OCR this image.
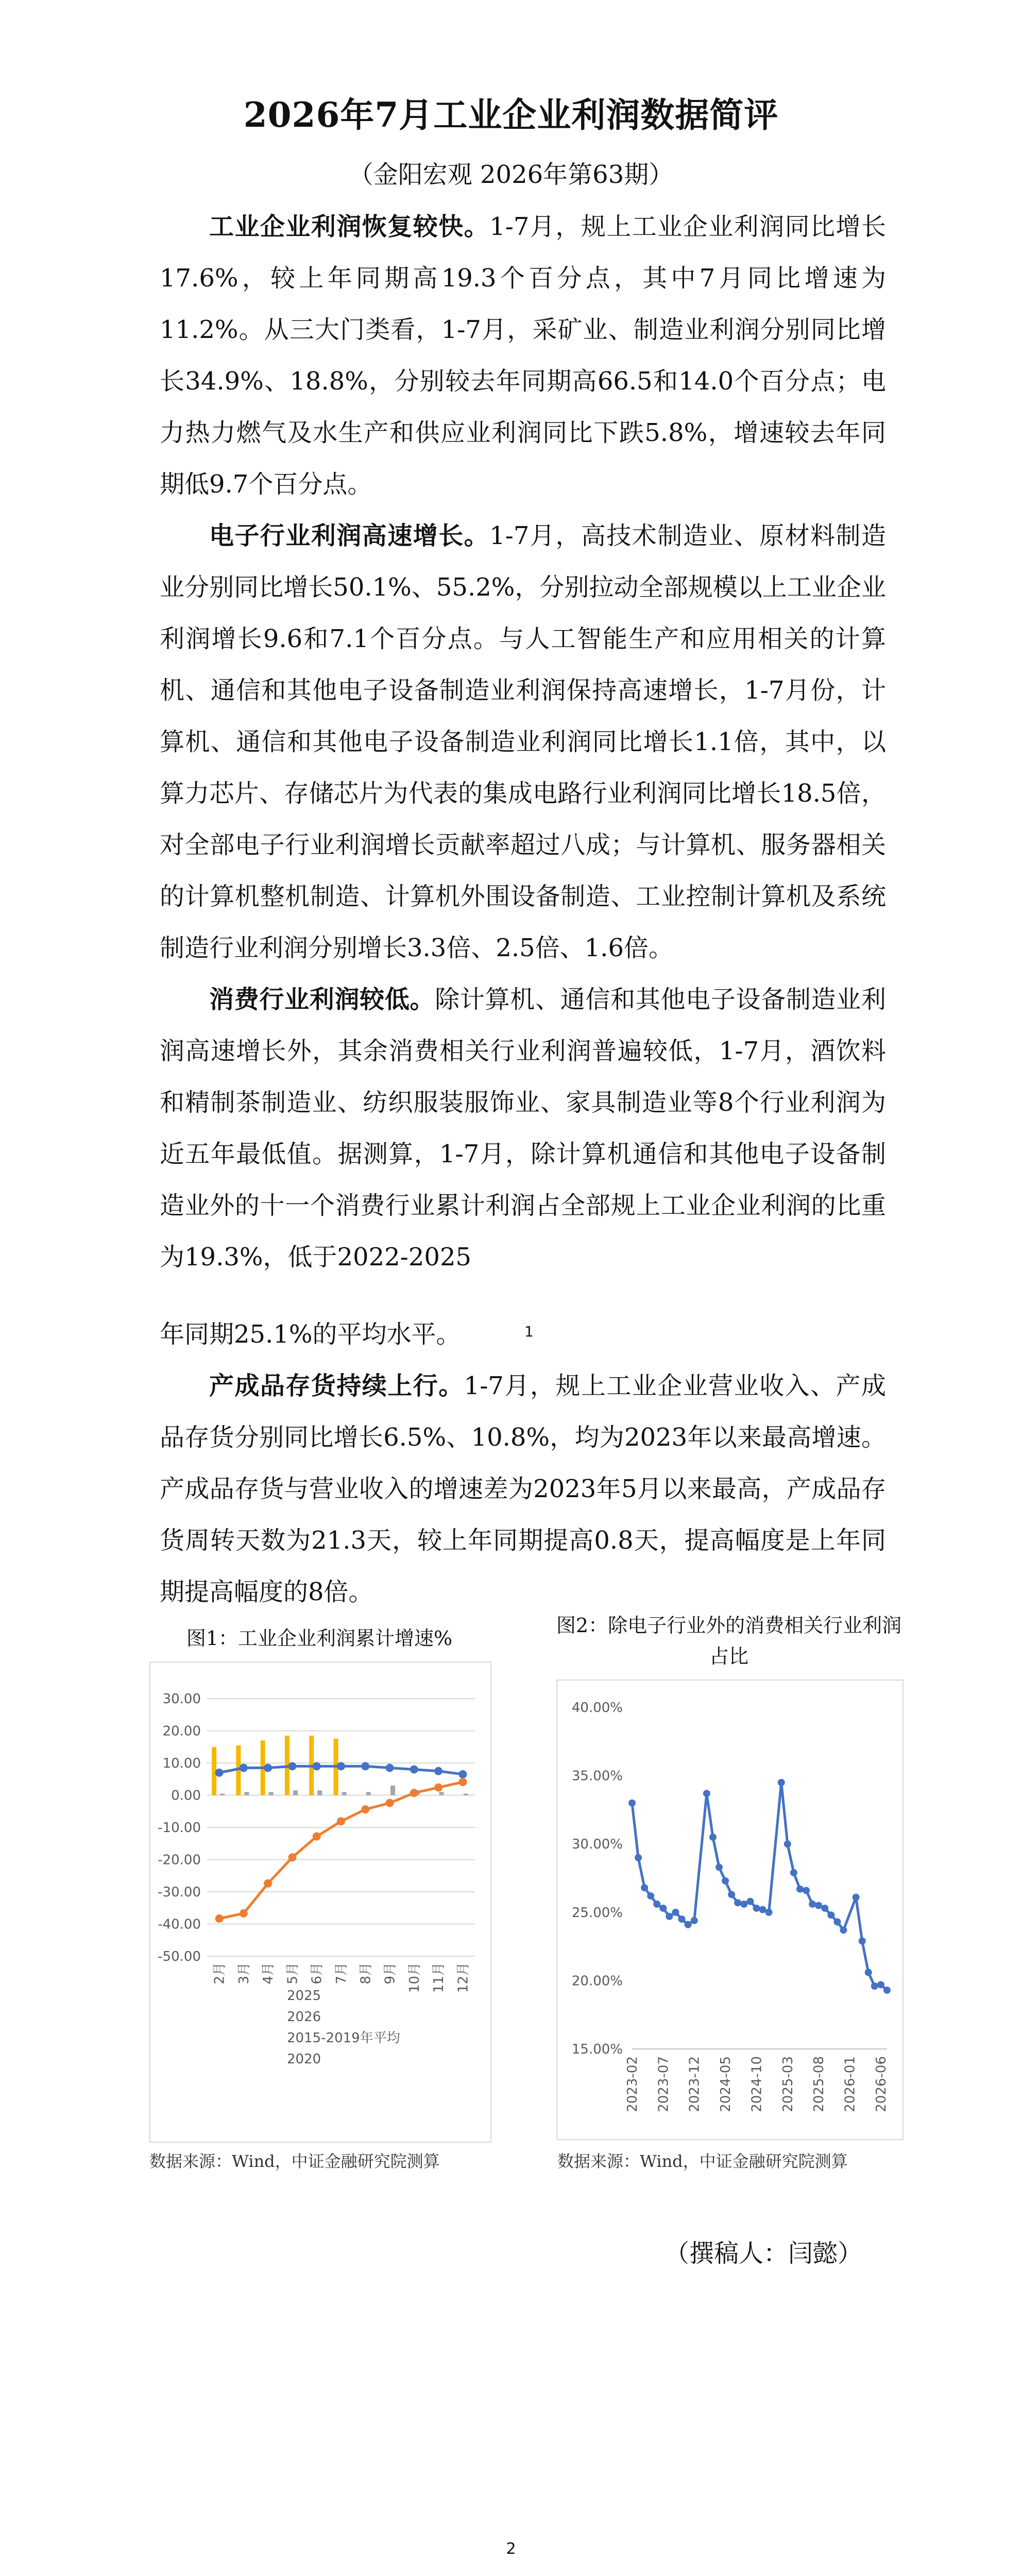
2026年7月工业企业利润数据简评
（金阳宏观 2026年第63期）

工业企业利润恢复较快。1-7月，规上工业企业利润同比增长17.6%，较上年同期高19.3个百分点，其中7月同比增速为11.2%。从三大门类看，1-7月，采矿业、制造业利润分别同比增长34.9%、18.8%，分别较去年同期高66.5和14.0个百分点；电力热力燃气及水生产和供应业利润同比下跌5.8%，增速较去年同期低9.7个百分点。

电子行业利润高速增长。1-7月，高技术制造业、原材料制造业分别同比增长50.1%、55.2%，分别拉动全部规模以上工业企业利润增长9.6和7.1个百分点。与人工智能生产和应用相关的计算机、通信和其他电子设备制造业利润保持高速增长，1-7月份，计算机、通信和其他电子设备制造业利润同比增长1.1倍，其中，以算力芯片、存储芯片为代表的集成电路行业利润同比增长18.5倍，对全部电子行业利润增长贡献率超过八成；与计算机、服务器相关的计算机整机制造、计算机外围设备制造、工业控制计算机及系统制造行业利润分别增长3.3倍、2.5倍、1.6倍。

消费行业利润较低。除计算机、通信和其他电子设备制造业利润高速增长外，其余消费相关行业利润普遍较低，1-7月，酒饮料和精制茶制造业、纺织服装服饰业、家具制造业等8个行业利润为近五年最低值。据测算，1-7月，除计算机通信和其他电子设备制造业外的十一个消费行业累计利润占全部规上工业企业利润的比重为19.3%，低于2022-2025

1

年同期25.1%的平均水平。

产成品存货持续上行。1-7月，规上工业企业营业收入、产成品存货分别同比增长6.5%、10.8%，均为2023年以来最高增速。产成品存货与营业收入的增速差为2023年5月以来最高，产成品存货周转天数为21.3天，较上年同期提高0.8天，提高幅度是上年同期提高幅度的8倍。

图1：工业企业利润累计增速%
30.00
20.00
10.00
0.00
-10.00
-20.00
-30.00
-40.00
-50.00
2月 3月 4月 5月 6月 7月 8月 9月 10月 11月 12月
2025
2026
2015-2019年平均
2020
数据来源：Wind，中证金融研究院测算
图2：除电子行业外的消费相关行业利润占比
40.00%
35.00%
30.00%
25.00%
20.00%
15.00%
2023-02 2023-07 2023-12 2024-05 2024-10 2025-03 2025-08 2026-01 2026-06
数据来源：Wind，中证金融研究院测算
（撰稿人：闫懿）
2
